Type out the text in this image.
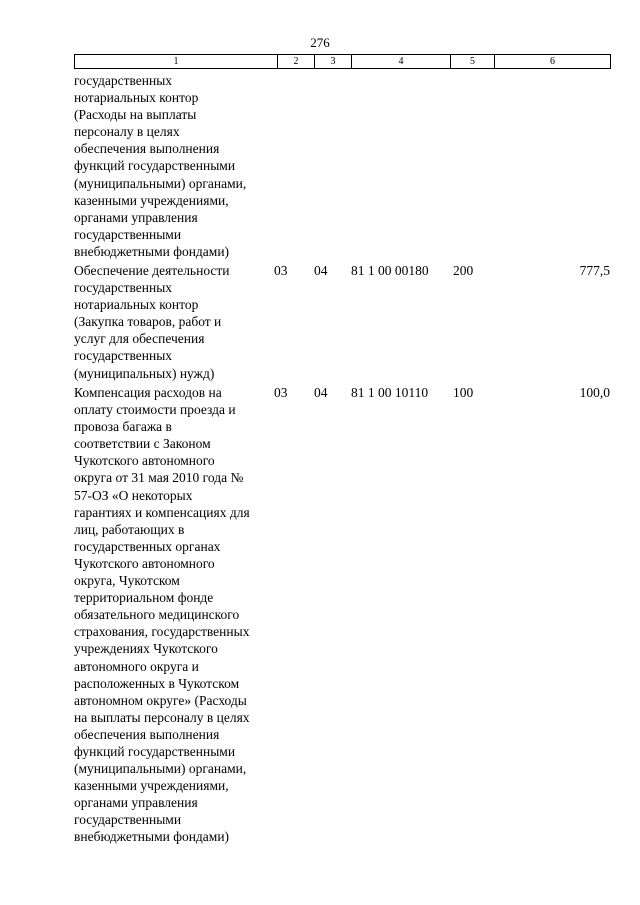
276
1	2	3	4	5	6
государственных
нотариальных контор
(Расходы на выплаты
персоналу в целях
обеспечения выполнения
функций государственными
(муниципальными) органами,
казенными учреждениями,
органами управления
государственными
внебюджетными фондами)
Обеспечение деятельности
государственных
нотариальных контор
(Закупка товаров, работ и
услуг для обеспечения
государственных
(муниципальных) нужд)
03	04	81 1 00 00180	200	777,5
Компенсация расходов на
оплату стоимости проезда и
провоза багажа в
соответствии с Законом
Чукотского автономного
округа от 31 мая 2010 года №
57-ОЗ «О некоторых
гарантиях и компенсациях для
лиц, работающих в
государственных органах
Чукотского автономного
округа, Чукотском
территориальном фонде
обязательного медицинского
страхования, государственных
учреждениях Чукотского
автономного округа и
расположенных в Чукотском
автономном округе» (Расходы
на выплаты персоналу в целях
обеспечения выполнения
функций государственными
(муниципальными) органами,
казенными учреждениями,
органами управления
государственными
внебюджетными фондами)
03	04	81 1 00 10110	100	100,0
